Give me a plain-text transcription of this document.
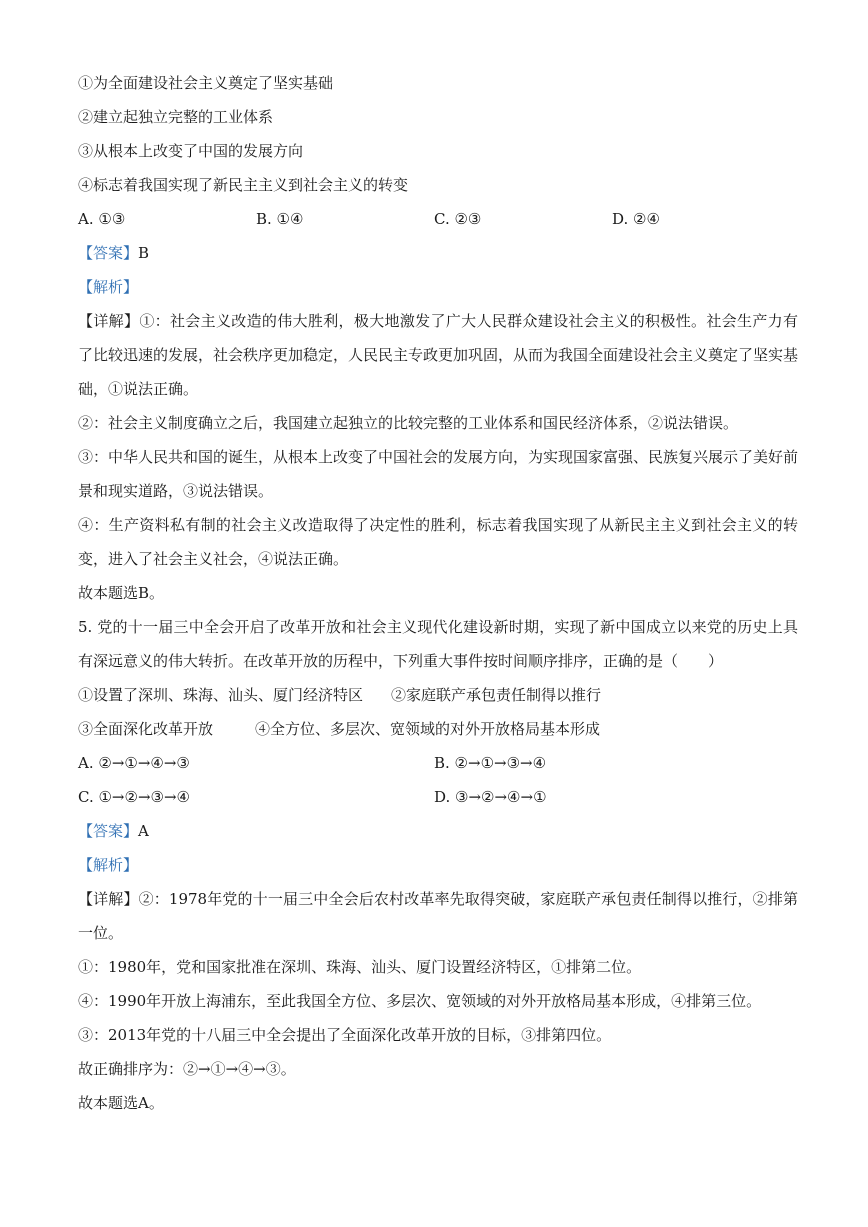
①为全面建设社会主义奠定了坚实基础
②建立起独立完整的工业体系
③从根本上改变了中国的发展方向
④标志着我国实现了新民主主义到社会主义的转变
A. ①③	B. ①④	C. ②③	D. ②④
【答案】B
【解析】
【详解】①：社会主义改造的伟大胜利，极大地激发了广大人民群众建设社会主义的积极性。社会生产力有了比较迅速的发展，社会秩序更加稳定，人民民主专政更加巩固，从而为我国全面建设社会主义奠定了坚实基础，①说法正确。
②：社会主义制度确立之后，我国建立起独立的比较完整的工业体系和国民经济体系，②说法错误。
③：中华人民共和国的诞生，从根本上改变了中国社会的发展方向，为实现国家富强、民族复兴展示了美好前景和现实道路，③说法错误。
④：生产资料私有制的社会主义改造取得了决定性的胜利，标志着我国实现了从新民主主义到社会主义的转变，进入了社会主义社会，④说法正确。
故本题选B。
5. 党的十一届三中全会开启了改革开放和社会主义现代化建设新时期，实现了新中国成立以来党的历史上具有深远意义的伟大转折。在改革开放的历程中，下列重大事件按时间顺序排序，正确的是（　　）
①设置了深圳、珠海、汕头、厦门经济特区 ②家庭联产承包责任制得以推行
③全面深化改革开放	④全方位、多层次、宽领域的对外开放格局基本形成
A. ②→①→④→③	B. ②→①→③→④
C. ①→②→③→④	D. ③→②→④→①
【答案】A
【解析】
【详解】②：1978年党的十一届三中全会后农村改革率先取得突破，家庭联产承包责任制得以推行，②排第一位。
①：1980年，党和国家批准在深圳、珠海、汕头、厦门设置经济特区，①排第二位。
④：1990年开放上海浦东，至此我国全方位、多层次、宽领域的对外开放格局基本形成，④排第三位。
③：2013年党的十八届三中全会提出了全面深化改革开放的目标，③排第四位。
故正确排序为：②→①→④→③。
故本题选A。
